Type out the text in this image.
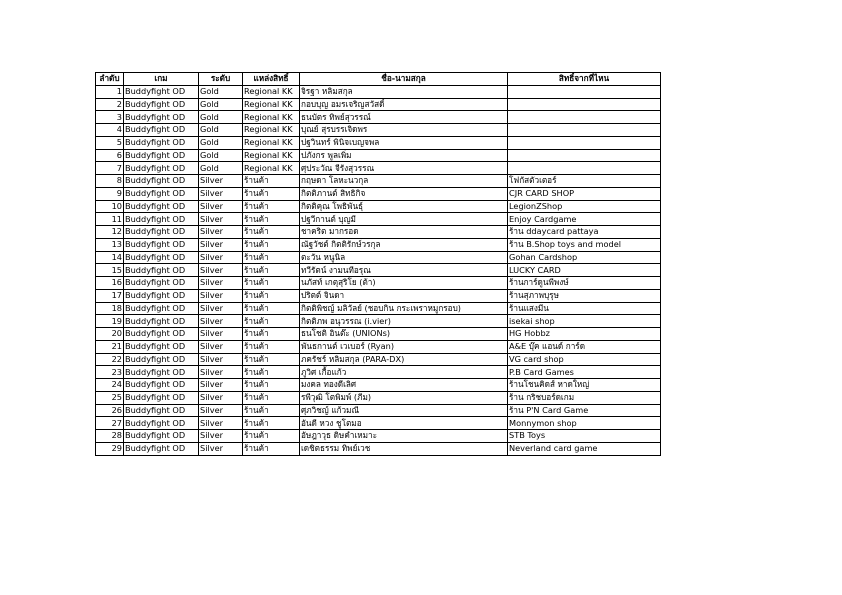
ลำดับ	เกม	ระดับ	แหล่งสิทธิ์	ชื่อ-นามสกุล	สิทธิ์จากที่ไหน
1	Buddyfight OD	Gold	Regional KK	จิรฐา หลิมสกุล	
2	Buddyfight OD	Gold	Regional KK	กอบบุญ อมรเจริญสวัสดิ์	
3	Buddyfight OD	Gold	Regional KK	ธนบัตร ทิพย์สุวรรณ์	
4	Buddyfight OD	Gold	Regional KK	บุณย์ สุรบรรเจิดพร	
5	Buddyfight OD	Gold	Regional KK	ปฐวินทร์ พินิจเบญจพล	
6	Buddyfight OD	Gold	Regional KK	ปภังกร พูลเพิ่ม	
7	Buddyfight OD	Gold	Regional KK	ศุประวัณ จีรังสุวรรณ	
8	Buddyfight OD	Silver	ร้านค้า	กฤษดา โลหะนวกุล	โฟกัสตัวเตอร์
9	Buddyfight OD	Silver	ร้านค้า	กิตติภานต์ สิทธิกิจ	CJR CARD SHOP
10	Buddyfight OD	Silver	ร้านค้า	กิตติคุณ โพธิพันธุ์	LegionZShop
11	Buddyfight OD	Silver	ร้านค้า	ปฐวีกานต์ บุญมี	Enjoy Cardgame
12	Buddyfight OD	Silver	ร้านค้า	ชาคริต มากรอด	ร้าน ddaycard pattaya
13	Buddyfight OD	Silver	ร้านค้า	ณัฐวัชต์ กิตติรักษ์วรกุล	ร้าน B.Shop toys and model
14	Buddyfight OD	Silver	ร้านค้า	ตะวัน หนูนิล	Gohan Cardshop
15	Buddyfight OD	Silver	ร้านค้า	ทวีรัตน์ งามนทีอรุณ	LUCKY CARD
16	Buddyfight OD	Silver	ร้านค้า	นภัสท์ เกตุสุริโย (ต้า)	ร้านการ์ดูนพีพงษ์
17	Buddyfight OD	Silver	ร้านค้า	ปริตต์ จินดา	ร้านสุภาพบุรุษ
18	Buddyfight OD	Silver	ร้านค้า	กิตติพิชญ์ มลิวัลย์ (ชอบกิน กระเพราหมูกรอบ)	ร้านแสงมีน
19	Buddyfight OD	Silver	ร้านค้า	กิตติภพ อนุวรรณ (i.vier)	isekai shop
20	Buddyfight OD	Silver	ร้านค้า	ธนโชติ อินต๊ะ (UNIONs)	HG Hobbz
21	Buddyfight OD	Silver	ร้านค้า	พันธกานต์ เวเบอร์ (Ryan)	A&E บุ๊ค แอนด์ การ์ด
22	Buddyfight OD	Silver	ร้านค้า	ภครัชร์ หลิมสกุล (PARA-DX)	VG card shop
23	Buddyfight OD	Silver	ร้านค้า	ภูวิศ เกื้อแก้ว	P.B Card Games
24	Buddyfight OD	Silver	ร้านค้า	มงคล ทองดีเลิศ	ร้านโชนคิดส์ หาดใหญ่
25	Buddyfight OD	Silver	ร้านค้า	รพีวุฒิ โตพิมพ์ (ภีม)	ร้าน กริชบอร์ดเกม
26	Buddyfight OD	Silver	ร้านค้า	ศุภวิชญ์ แก้วมณี	ร้าน P'N Card Game
27	Buddyfight OD	Silver	ร้านค้า	อันดี หวง ชูโตมอ	Monnymon shop
28	Buddyfight OD	Silver	ร้านค้า	อัษฎาวุธ ดิษคำเหมาะ	STB Toys
29	Buddyfight OD	Silver	ร้านค้า	เดชิตธรรม ทิพย์เวช	Neverland card game
